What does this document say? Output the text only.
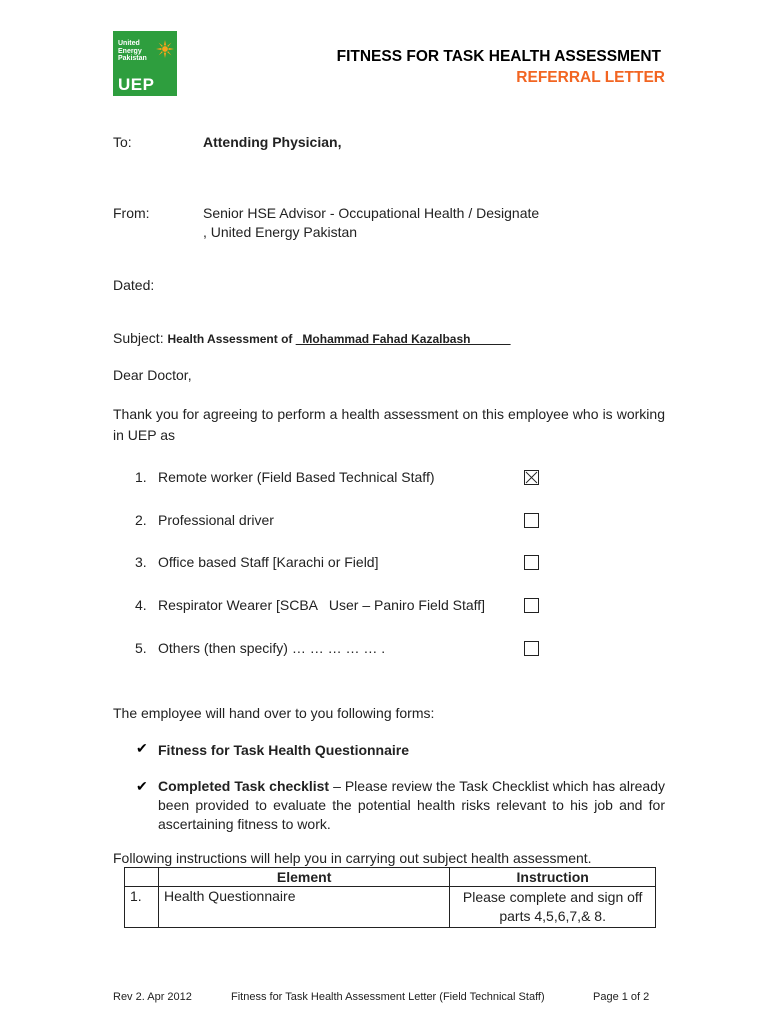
United
Energy
Pakistan
UEP
FITNESS FOR TASK HEALTH ASSESSMENT
REFERRAL LETTER
To:	Attending Physician,
From:	Senior HSE Advisor - Occupational Health / Designate
, United Energy Pakistan
Dated:
Subject: Health Assessment of _Mohammad Fahad Kazalbash______
Dear Doctor,
Thank you for agreeing to perform a health assessment on this employee who is working in UEP as
1. Remote worker (Field Based Technical Staff)
2. Professional driver
3. Office based Staff [Karachi or Field]
4. Respirator Wearer [SCBA   User – Paniro Field Staff]
5. Others (then specify) … … … … … .
The employee will hand over to you following forms:
✔ Fitness for Task Health Questionnaire
✔ Completed Task checklist – Please review the Task Checklist which has already been provided to evaluate the potential health risks relevant to his job and for ascertaining fitness to work.
Following instructions will help you in carrying out subject health assessment.
	Element	Instruction
1.	Health Questionnaire	Please complete and sign off parts 4,5,6,7,& 8.
Rev 2. Apr 2012	Fitness for Task Health Assessment Letter (Field Technical Staff)	Page 1 of 2
